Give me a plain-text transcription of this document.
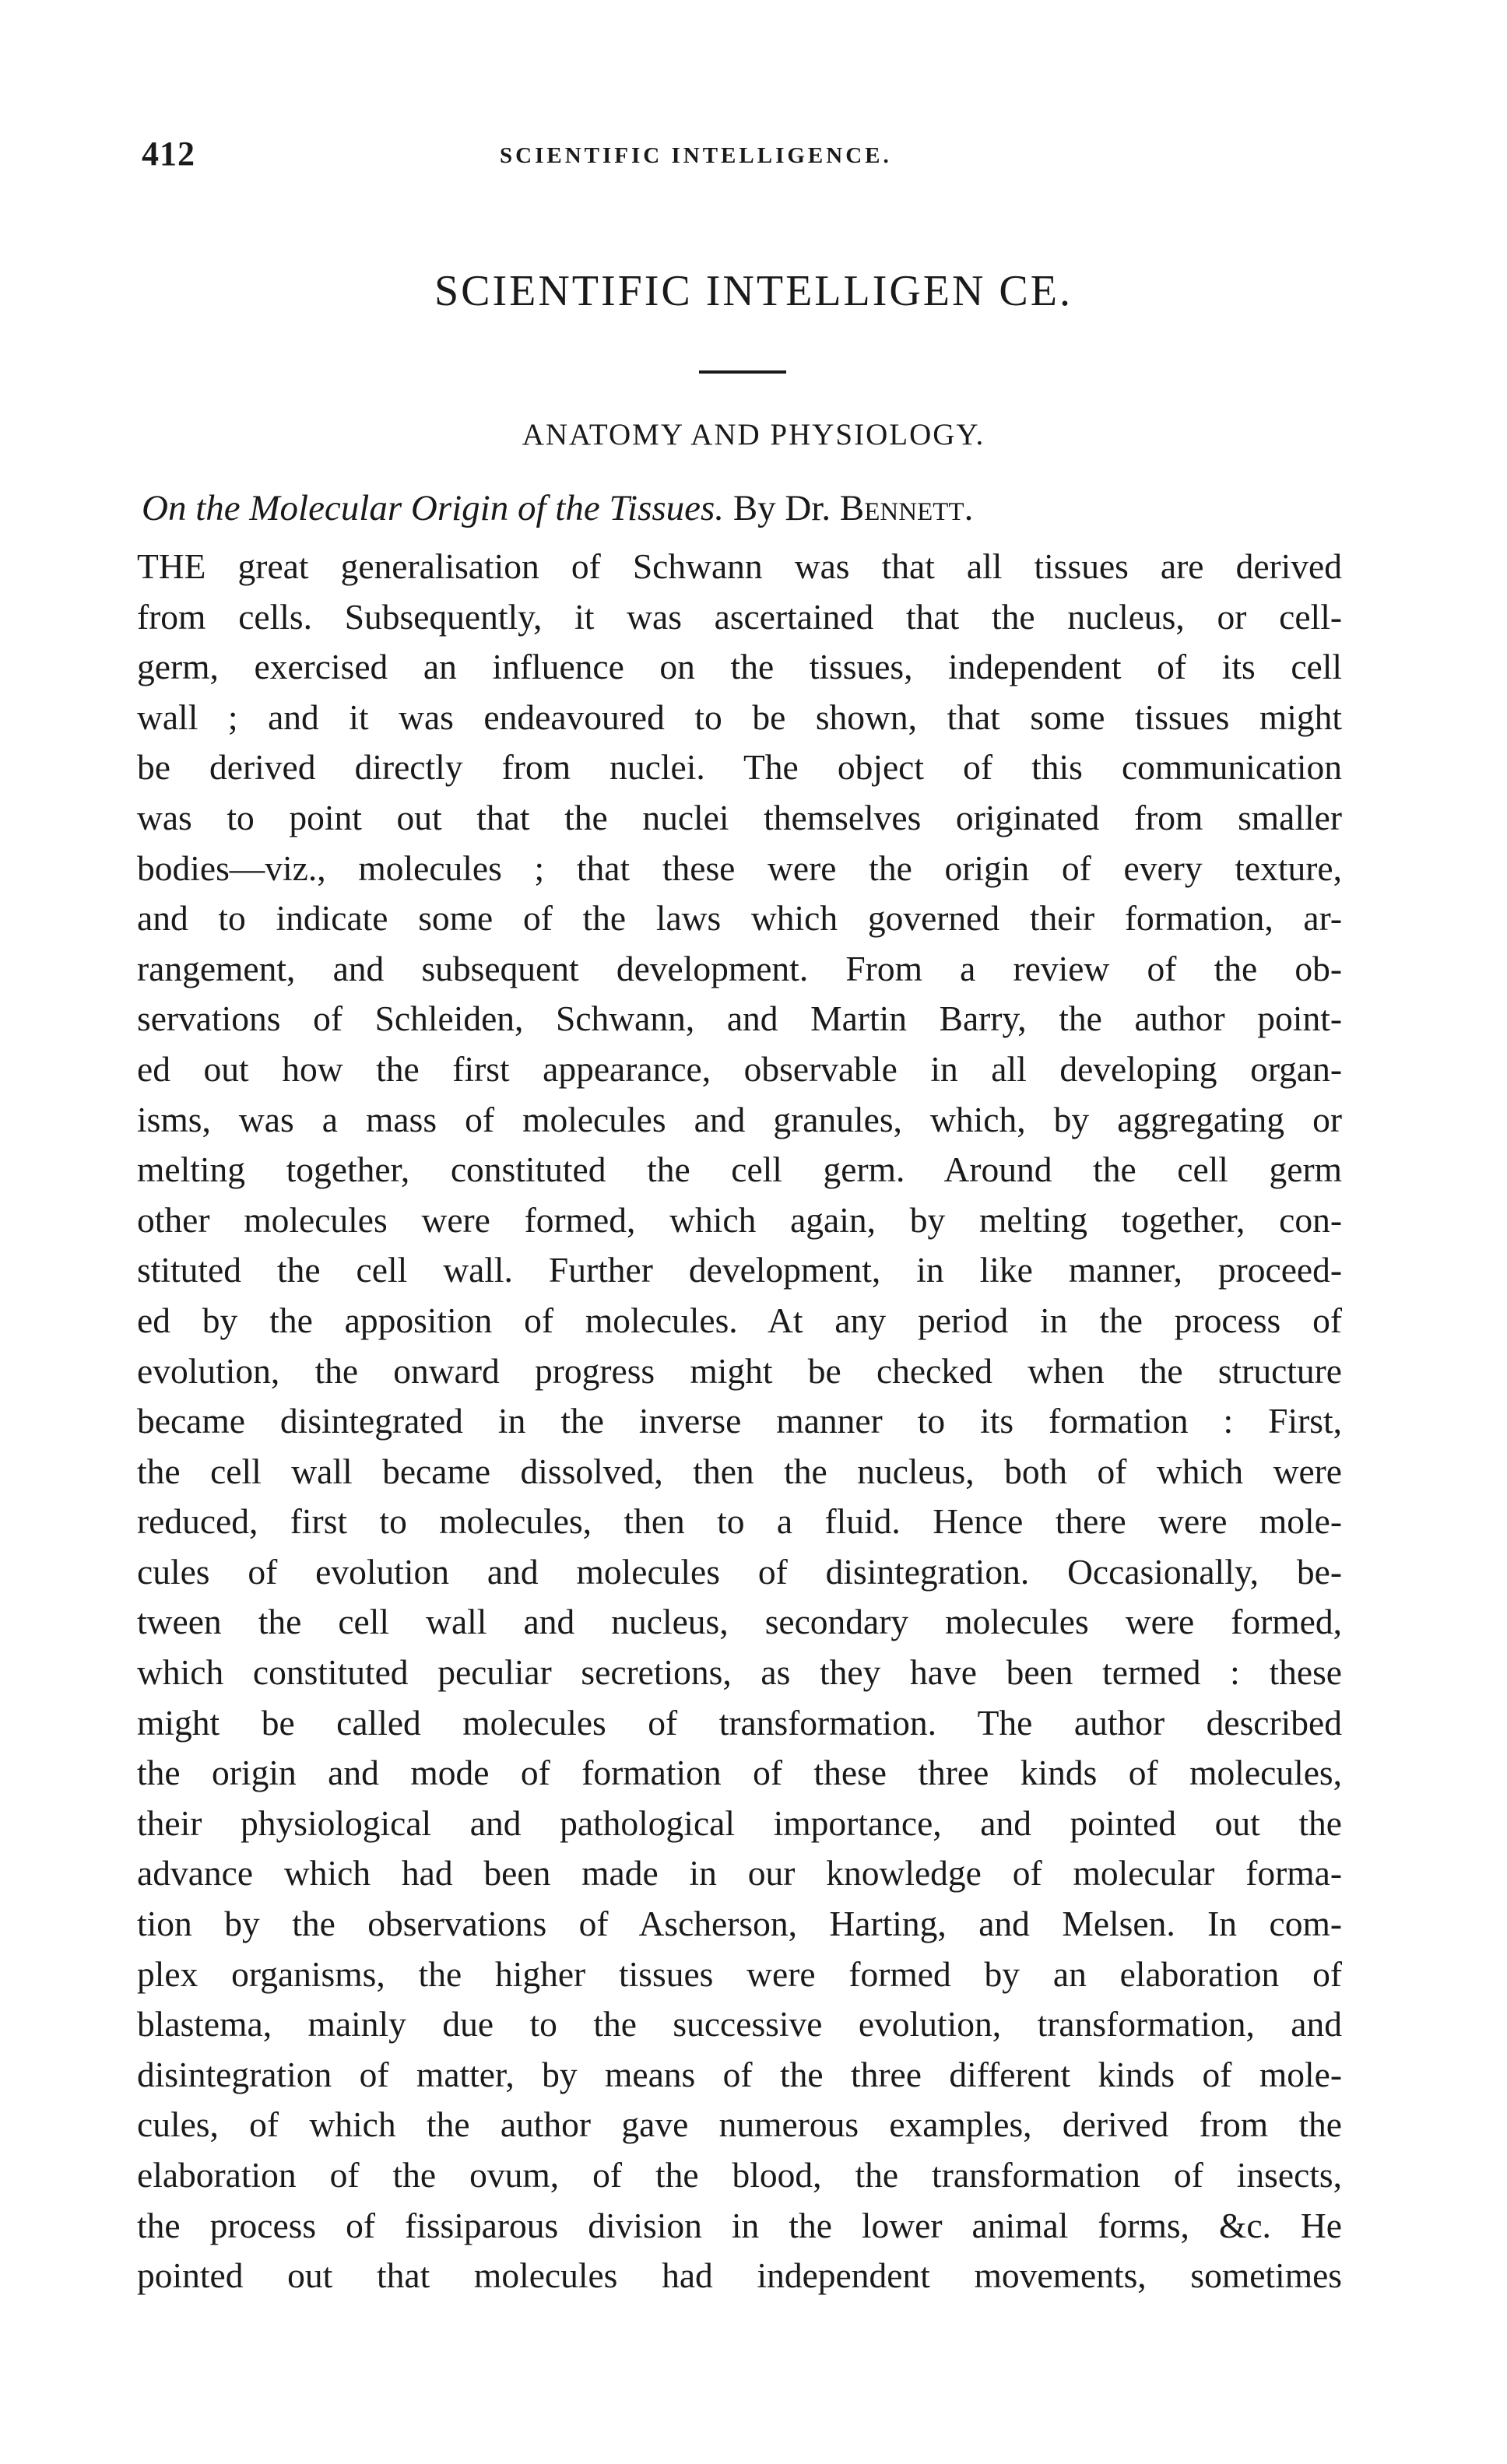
412	SCIENTIFIC INTELLIGENCE.
SCIENTIFIC INTELLIGEN CE.
ANATOMY AND PHYSIOLOGY.
On the Molecular Origin of the Tissues. By Dr. Bennett.
THE great generalisation of Schwann was that all tissues are derived
from cells. Subsequently, it was ascertained that the nucleus, or cell-
germ, exercised an influence on the tissues, independent of its cell
wall ; and it was endeavoured to be shown, that some tissues might
be derived directly from nuclei. The object of this communication
was to point out that the nuclei themselves originated from smaller
bodies—viz., molecules ; that these were the origin of every texture,
and to indicate some of the laws which governed their formation, ar-
rangement, and subsequent development. From a review of the ob-
servations of Schleiden, Schwann, and Martin Barry, the author point-
ed out how the first appearance, observable in all developing organ-
isms, was a mass of molecules and granules, which, by aggregating or
melting together, constituted the cell germ. Around the cell germ
other molecules were formed, which again, by melting together, con-
stituted the cell wall. Further development, in like manner, proceed-
ed by the apposition of molecules. At any period in the process of
evolution, the onward progress might be checked when the structure
became disintegrated in the inverse manner to its formation : First,
the cell wall became dissolved, then the nucleus, both of which were
reduced, first to molecules, then to a fluid. Hence there were mole-
cules of evolution and molecules of disintegration. Occasionally, be-
tween the cell wall and nucleus, secondary molecules were formed,
which constituted peculiar secretions, as they have been termed : these
might be called molecules of transformation. The author described
the origin and mode of formation of these three kinds of molecules,
their physiological and pathological importance, and pointed out the
advance which had been made in our knowledge of molecular forma-
tion by the observations of Ascherson, Harting, and Melsen. In com-
plex organisms, the higher tissues were formed by an elaboration of
blastema, mainly due to the successive evolution, transformation, and
disintegration of matter, by means of the three different kinds of mole-
cules, of which the author gave numerous examples, derived from the
elaboration of the ovum, of the blood, the transformation of insects,
the process of fissiparous division in the lower animal forms, &c. He
pointed out that molecules had independent movements, sometimes
